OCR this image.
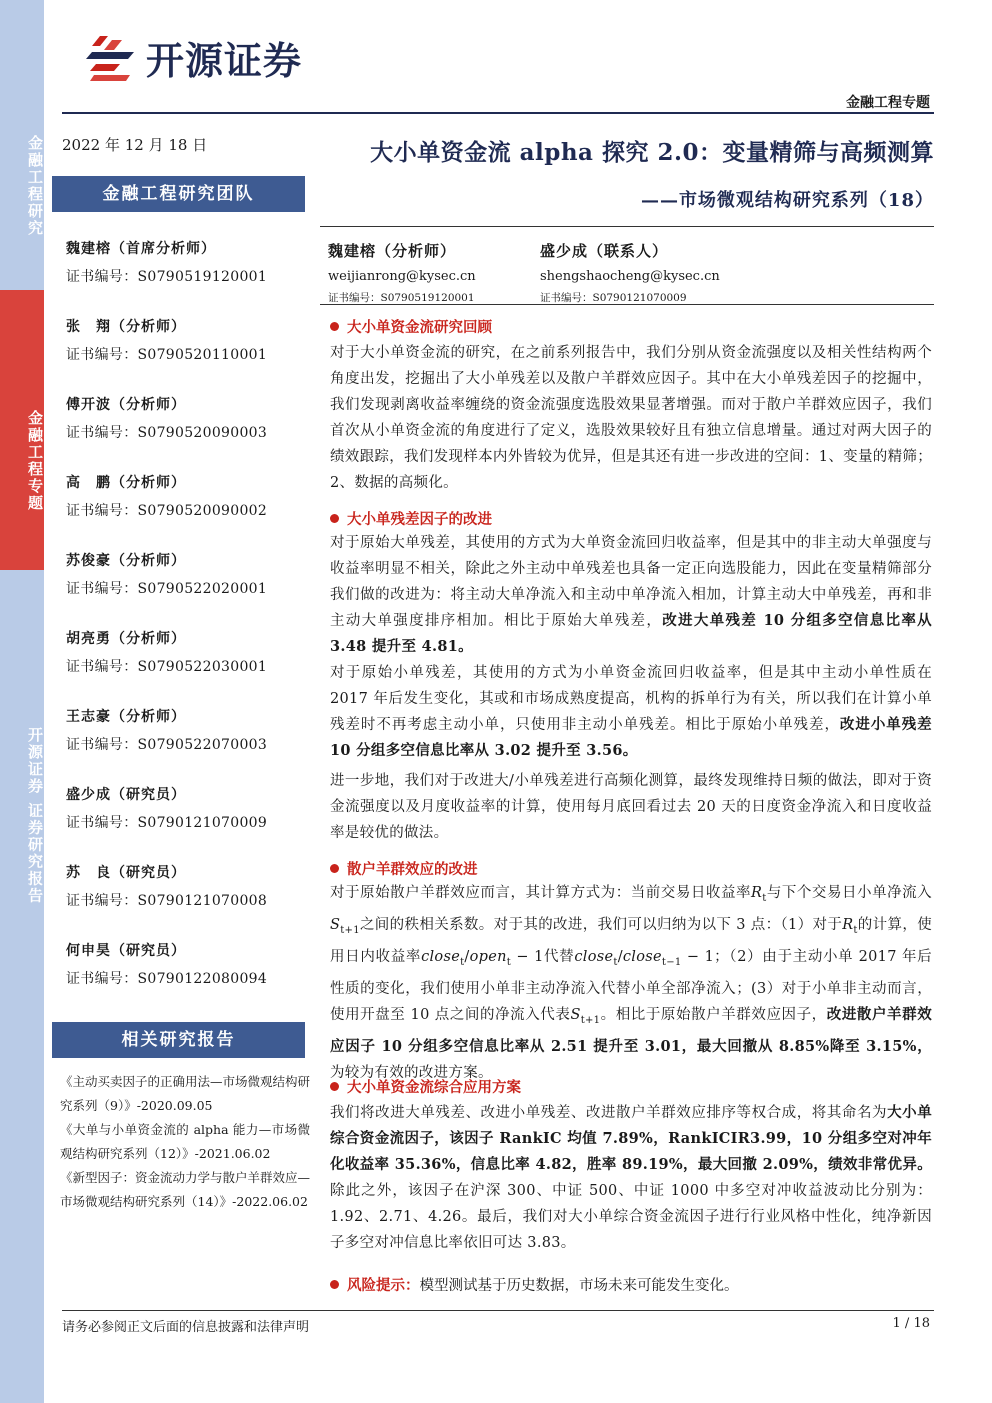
金融工程研究
金融工程专题
开源证券 证券研究报告
开源证券
金融工程专题
2022 年 12 月 18 日
金融工程研究团队
魏建榕（首席分析师）
证书编号：S0790519120001
张　翔（分析师）
证书编号：S0790520110001
傅开波（分析师）
证书编号：S0790520090003
高　鹏（分析师）
证书编号：S0790520090002
苏俊豪（分析师）
证书编号：S0790522020001
胡亮勇（分析师）
证书编号：S0790522030001
王志豪（分析师）
证书编号：S0790522070003
盛少成（研究员）
证书编号：S0790121070009
苏　良（研究员）
证书编号：S0790121070008
何申昊（研究员）
证书编号：S0790122080094
相关研究报告
《主动买卖因子的正确用法—市场微观结构研究系列（9）》-2020.09.05
《大单与小单资金流的 alpha 能力—市场微观结构研究系列（12）》-2021.06.02
《新型因子：资金流动力学与散户羊群效应—市场微观结构研究系列（14）》-2022.06.02
大小单资金流 alpha 探究 2.0：变量精筛与高频测算
——市场微观结构研究系列（18）
魏建榕（分析师）
weijianrong@kysec.cn
证书编号：S0790519120001
盛少成（联系人）
shengshaocheng@kysec.cn
证书编号：S0790121070009
大小单资金流研究回顾
对于大小单资金流的研究，在之前系列报告中，我们分别从资金流强度以及相关性结构两个角度出发，挖掘出了大小单残差以及散户羊群效应因子。其中在大小单残差因子的挖掘中，我们发现剥离收益率缠绕的资金流强度选股效果显著增强。而对于散户羊群效应因子，我们首次从小单资金流的角度进行了定义，选股效果较好且有独立信息增量。通过对两大因子的绩效跟踪，我们发现样本内外皆较为优异，但是其还有进一步改进的空间：1、变量的精筛；2、数据的高频化。
大小单残差因子的改进
对于原始大单残差，其使用的方式为大单资金流回归收益率，但是其中的非主动大单强度与收益率明显不相关，除此之外主动中单残差也具备一定正向选股能力，因此在变量精筛部分我们做的改进为：将主动大单净流入和主动中单净流入相加，计算主动大中单残差，再和非主动大单强度排序相加。相比于原始大单残差，改进大单残差 10 分组多空信息比率从 3.48 提升至 4.81。
对于原始小单残差，其使用的方式为小单资金流回归收益率，但是其中主动小单性质在 2017 年后发生变化，其或和市场成熟度提高，机构的拆单行为有关，所以我们在计算小单残差时不再考虑主动小单，只使用非主动小单残差。相比于原始小单残差，改进小单残差 10 分组多空信息比率从 3.02 提升至 3.56。
进一步地，我们对于改进大/小单残差进行高频化测算，最终发现维持日频的做法，即对于资金流强度以及月度收益率的计算，使用每月底回看过去 20 天的日度资金净流入和日度收益率是较优的做法。
散户羊群效应的改进
对于原始散户羊群效应而言，其计算方式为：当前交易日收益率$R_t$与下个交易日小单净流入$S_{t+1}$之间的秩相关系数。对于其的改进，我们可以归纳为以下 3 点：（1）对于$R_t$的计算，使用日内收益率close$_t$/open$_t$ − 1代替close$_t$/close$_{t-1}$ − 1；（2）由于主动小单 2017 年后性质的变化，我们使用小单非主动净流入代替小单全部净流入；(3）对于小单非主动而言，使用开盘至 10 点之间的净流入代表$S_{t+1}$。相比于原始散户羊群效应因子，改进散户羊群效应因子 10 分组多空信息比率从 2.51 提升至 3.01，最大回撤从 8.85%降至 3.15%，为较为有效的改进方案。
大小单资金流综合应用方案
我们将改进大单残差、改进小单残差、改进散户羊群效应排序等权合成，将其命名为大小单综合资金流因子，该因子 RankIC 均值 7.89%，RankICIR3.99，10 分组多空对冲年化收益率 35.36%，信息比率 4.82，胜率 89.19%，最大回撤 2.09%，绩效非常优异。除此之外，该因子在沪深 300、中证 500、中证 1000 中多空对冲收益波动比分别为：1.92、2.71、4.26。最后，我们对大小单综合资金流因子进行行业风格中性化，纯净新因子多空对冲信息比率依旧可达 3.83。
风险提示： 模型测试基于历史数据，市场未来可能发生变化。
请务必参阅正文后面的信息披露和法律声明	1 / 18
